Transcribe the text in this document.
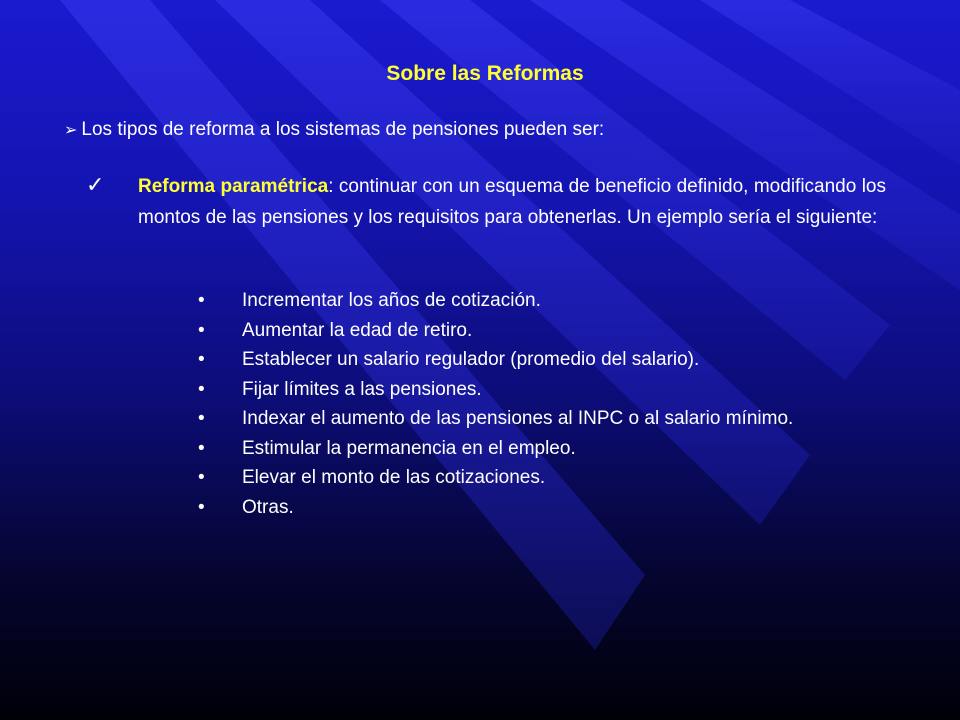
Sobre las Reformas
➢ Los tipos de reforma a los sistemas de pensiones pueden ser:
✓	Reforma paramétrica: continuar con un esquema de beneficio definido, modificando los montos de las pensiones y los requisitos para obtenerlas. Un ejemplo sería el siguiente:
• Incrementar los años de cotización.
• Aumentar la edad de retiro.
• Establecer un salario regulador (promedio del salario).
• Fijar límites a las pensiones.
• Indexar el aumento de las pensiones al INPC o al salario mínimo.
• Estimular la permanencia en el empleo.
• Elevar el monto de las cotizaciones.
• Otras.
